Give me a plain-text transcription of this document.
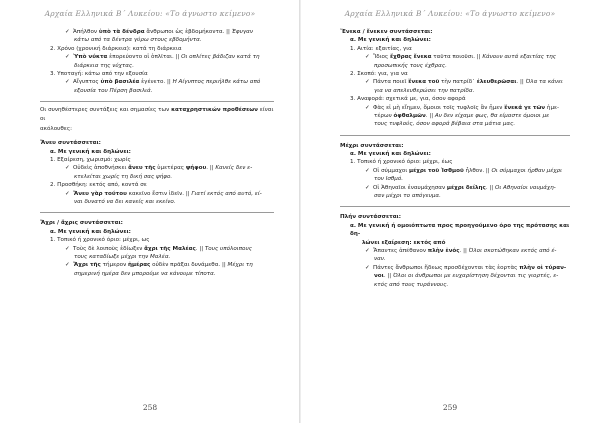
Αρχαία Ελληνικά Β΄ Λυκείου: «Το άγνωστο κείμενο»

✓ Ἀπήλθον ὑπὸ τὰ δένδρα ἄνθρωποι ὡς ἑβδομήκοντα. || Έφυγαν

κάτω από τα δέντρα γύρω στους εβδομήντα.

2. Χρόνο (χρονική διάρκεια): κατά τη διάρκεια

✓ Ὑπὸ νύκτα ἐπορεύοντο οἱ ὁπλῖται. || Οι οπλίτες βάδιζαν κατά τη

διάρκεια της νύχτας.

3. Υποταγή: κάτω από την εξουσία

✓ Αἴγυπτος ὑπὸ βασιλέα ἐγένετο. || Η Αίγυπτος περιήλθε κάτω από

εξουσία του Πέρση βασιλιά.

Οι συνηθέστερες συντάξεις και σημασίες των καταχρηστικών προθέσεων είναι οι

ακόλουθες:

Ἄνευ συντάσσεται:

α. Με γενική και δηλώνει:

1. Εξαίρεση, χωρισμό: χωρίς

✓ Οὐδεὶς ἀποθνήσκει ἄνευ τῆς ὑμετέρας ψήφου. || Κανείς δεν ε-

κτελείται χωρίς τη δική σας ψήφο.

2. Προσθήκη: εκτός από, κοντά σε

✓ Ἄνευ γὰρ τούτου κακεῖνο ἔστιν ἰδεῖν. || Γιατί εκτός από αυτό, εί-

ναι δυνατό να δει κανείς και εκείνο.

Ἄχρι / ἄχρις συντάσσεται:

α. Με γενική και δηλώνει:

1. Τοπικό ή χρονικό όριο: μέχρι, ως

✓ Τοὺς δὲ λοιποὺς ἐδίωξεν ἄχρι τῆς Μαλέας. || Τους υπόλοιπους

τους καταδίωξε μέχρι την Μαλέα.

✓ Ἄχρι τῆς τήμερον ἡμέρας οὐδὲν πρᾶξαι δυνάμεθα. || Μέχρι τη

σημερινή ημέρα δεν μπορούμε να κάνουμε τίποτα.

258
Αρχαία Ελληνικά Β΄ Λυκείου: «Το άγνωστο κείμενο»

Ἕνεκα / ἕνεκεν συντάσσεται:

α. Με γενική και δηλώνει:

1. Αιτία: εξαιτίας, για

✓ Ἴδιος ἔχθρας ἕνεκα ταῦτα ποιοῦσι. || Κάνουν αυτά εξαιτίας της

προσωπικής τους έχθρας.

2. Σκοπό: για, για να

✓ Πάντα ποιεῖ ἕνεκα τοῦ τὴν πατρίδ᾽ ἐλευθερῶσαι. || Όλα τα κάνει

για να απελευθερώσει την πατρίδα.

3. Αναφορά: σχετικά με, για, όσον αφορά

✓ Φὰς εἰ μὴ εἴημεν, ὅμοιοι τοῖς τυφλοῖς ἂν ἦμεν ἕνεκά γε τῶν ἡμε-

τέρων ὀφθαλμῶν. || Αν δεν είχαμε φως, θα είμαστε όμοιοι με

τους τυφλούς, όσον αφορά βέβαια στα μάτια μας.

Μέχρι συντάσσεται:

α. Με γενική και δηλώνει:

1. Τοπικό ή χρονικό όριο: μέχρι, έως

✓ Οἱ σύμμαχοι μέχρι τοῦ Ἰσθμοῦ ἦλθον. || Οι σύμμαχοι ήρθαν μέχρι

τον Ισθμό.

✓ Οἱ Ἀθηναῖοι ἐναυμάχησαν μέχρι δείλης. || Οι Αθηναίοι ναυμάχη-

σαν μέχρι το απόγευμα.

Πλήν συντάσσεται:

α. Με γενική ή ομοιόπτωτα προς προηγούμενο όρο της πρότασης και δη-

λώνει εξαίρεση: εκτός από

✓ Ἅπαντες ἀπέθανον πλὴν ἑνός. || Όλοι σκοτώθηκαν εκτός από έ-

ναν.

✓ Πάντες ἄνθρωποι ἥδεως προσδέχονται τὰς ἑορτὰς πλὴν οἱ τύραν-

νοι. || Όλοι οι άνθρωποι με ευχαρίστηση δέχονται τις γιορτές, ε-

κτός από τους τυράννους.

259
